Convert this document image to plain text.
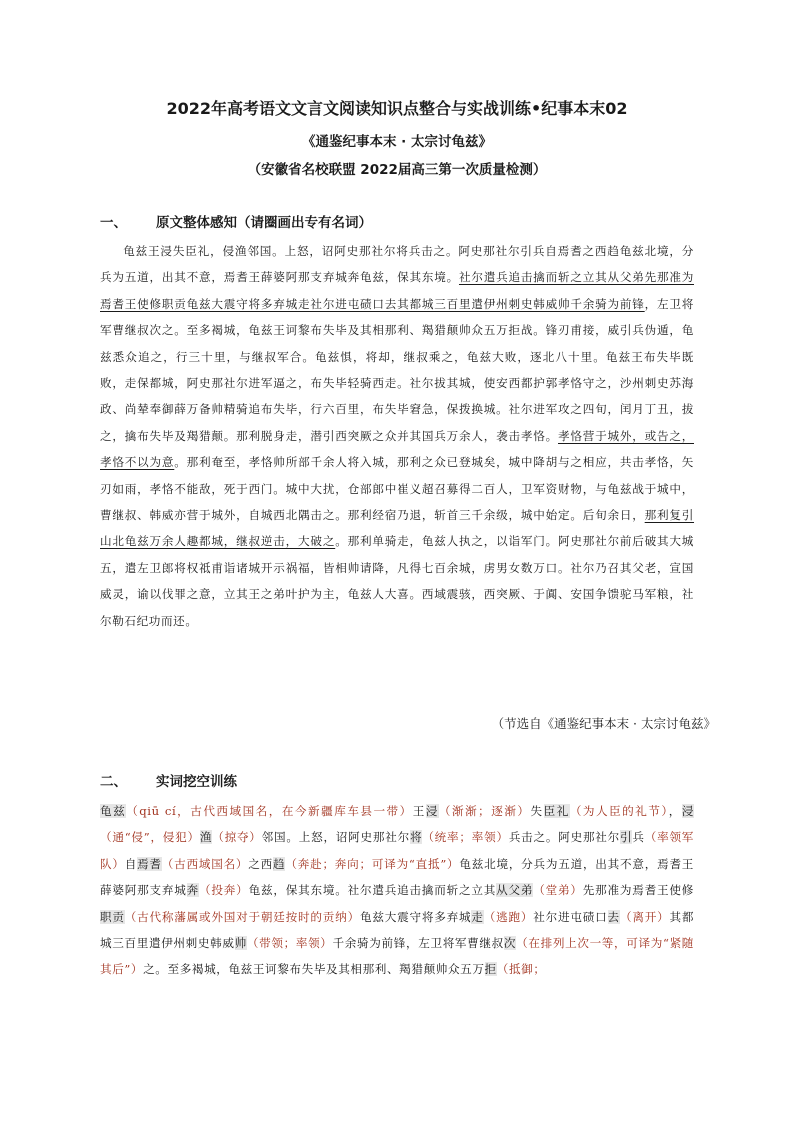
2022年高考语文文言文阅读知识点整合与实战训练•纪事本末02
《通鉴纪事本末 · 太宗讨龟兹》
（安徽省名校联盟 2022届高三第一次质量检测）
一、 原文整体感知（请圈画出专有名词）

龟兹王浸失臣礼，侵渔邻国。上怒，诏阿史那社尔将兵击之。阿史那社尔引兵自焉耆之西趋龟兹北境，分兵为五道，出其不意，焉耆王薛婆阿那支弃城奔龟兹，保其东境。社尔遣兵追击擒而斩之立其从父弟先那准为焉耆王使修职贡龟兹大震守将多弃城走社尔进屯碛口去其都城三百里遣伊州刺史韩威帅千余骑为前锋，左卫将军曹继叔次之。至多褐城，龟兹王诃黎布失毕及其相那利、羯猎颠帅众五万拒战。锋刃甫接，威引兵伪遁，龟兹悉众追之，行三十里，与继叔军合。龟兹惧，将却，继叔乘之，龟兹大败，逐北八十里。龟兹王布失毕既败，走保都城，阿史那社尔进军逼之，布失毕轻骑西走。社尔拔其城，使安西都护郭孝恪守之，沙州刺史苏海政、尚辇奉御薛万备帅精骑追布失毕，行六百里，布失毕窘急，保拨换城。社尔进军攻之四旬，闰月丁丑，拔之，擒布失毕及羯猎颠。那利脱身走，潜引西突厥之众并其国兵万余人，袭击孝恪。孝恪营于城外，或告之，孝恪不以为意。那利奄至，孝恪帅所部千余人将入城，那利之众已登城矣，城中降胡与之相应，共击孝恪，矢刃如雨，孝恪不能敌，死于西门。城中大扰，仓部郎中崔义超召募得二百人，卫军资财物，与龟兹战于城中，曹继叔、韩威亦营于城外，自城西北隅击之。那利经宿乃退，斩首三千余级，城中始定。后旬余日，那利复引山北龟兹万余人趣都城，继叔逆击，大破之。那利单骑走，龟兹人执之，以诣军门。阿史那社尔前后破其大城五，遣左卫郎将权祗甫诣诸城开示祸福，皆相帅请降，凡得七百余城，虏男女数万口。社尔乃召其父老，宣国威灵，谕以伐罪之意，立其王之弟叶护为主，龟兹人大喜。西域震骇，西突厥、于阗、安国争馈驼马军粮，社尔勒石纪功而还。

（节选自《通鉴纪事本末 · 太宗讨龟兹》
二、 实词挖空训练

龟兹（qiū cí，古代西域国名，在今新疆库车县一带）王浸（渐渐；逐渐）失臣礼（为人臣的礼节），浸（通“侵”，侵犯）渔（掠夺）邻国。上怒，诏阿史那社尔将（统率；率领）兵击之。阿史那社尔引兵（率领军队）自焉耆（古西域国名）之西趋（奔赴；奔向；可译为“直抵”）龟兹北境，分兵为五道，出其不意，焉耆王薛婆阿那支弃城奔（投奔）龟兹，保其东境。社尔遣兵追击擒而斩之立其从父弟（堂弟）先那准为焉耆王使修职贡（古代称藩属或外国对于朝廷按时的贡纳）龟兹大震守将多弃城走（逃跑）社尔进屯碛口去（离开）其都城三百里遣伊州刺史韩威帅（带领；率领）千余骑为前锋，左卫将军曹继叔次（在排列上次一等，可译为“紧随其后”）之。至多褐城，龟兹王诃黎布失毕及其相那利、羯猎颠帅众五万拒（抵御；
